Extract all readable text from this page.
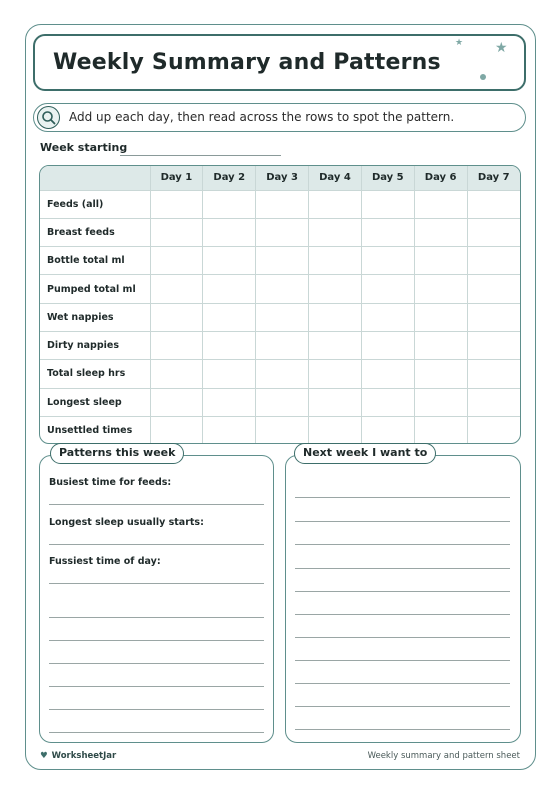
Weekly Summary and Patterns
★ ★
Add up each day, then read across the rows to spot the pattern.
Week starting
	Day 1	Day 2	Day 3	Day 4	Day 5	Day 6	Day 7
Feeds (all)							
Breast feeds							
Bottle total ml							
Pumped total ml							
Wet nappies							
Dirty nappies							
Total sleep hrs							
Longest sleep							
Unsettled times							
Patterns this week
Busiest time for feeds:
Longest sleep usually starts:
Fussiest time of day:
Next week I want to
♥ WorksheetJar	Weekly summary and pattern sheet
